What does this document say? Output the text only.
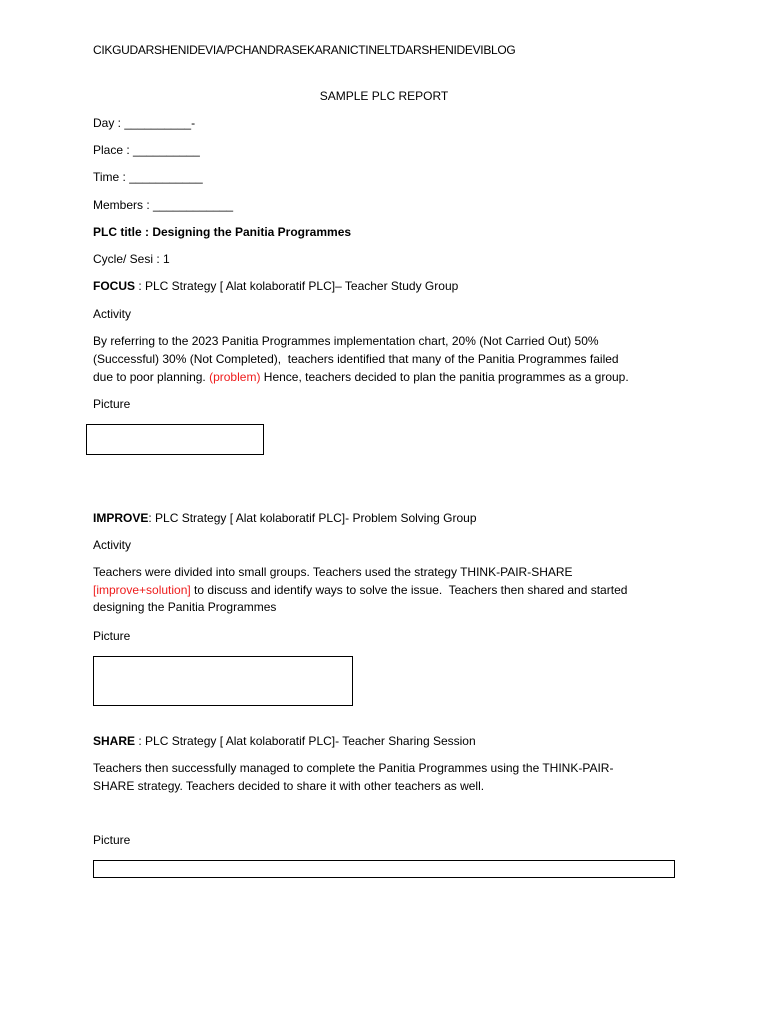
CIKGUDARSHENIDEVIA/PCHANDRASEKARANICTINELTDARSHENIDEVIBLOG
SAMPLE PLC REPORT
Day : __________-
Place : __________
Time : ___________
Members : ____________
PLC title : Designing the Panitia Programmes
Cycle/ Sesi : 1
FOCUS : PLC Strategy [ Alat kolaboratif PLC]– Teacher Study Group
Activity
By referring to the 2023 Panitia Programmes implementation chart, 20% (Not Carried Out) 50%
(Successful) 30% (Not Completed),  teachers identified that many of the Panitia Programmes failed
due to poor planning. (problem) Hence, teachers decided to plan the panitia programmes as a group.
Picture
IMPROVE: PLC Strategy [ Alat kolaboratif PLC]- Problem Solving Group
Activity
Teachers were divided into small groups. Teachers used the strategy THINK-PAIR-SHARE
[improve+solution] to discuss and identify ways to solve the issue.  Teachers then shared and started
designing the Panitia Programmes
Picture
SHARE : PLC Strategy [ Alat kolaboratif PLC]- Teacher Sharing Session
Teachers then successfully managed to complete the Panitia Programmes using the THINK-PAIR-
SHARE strategy. Teachers decided to share it with other teachers as well.
Picture
